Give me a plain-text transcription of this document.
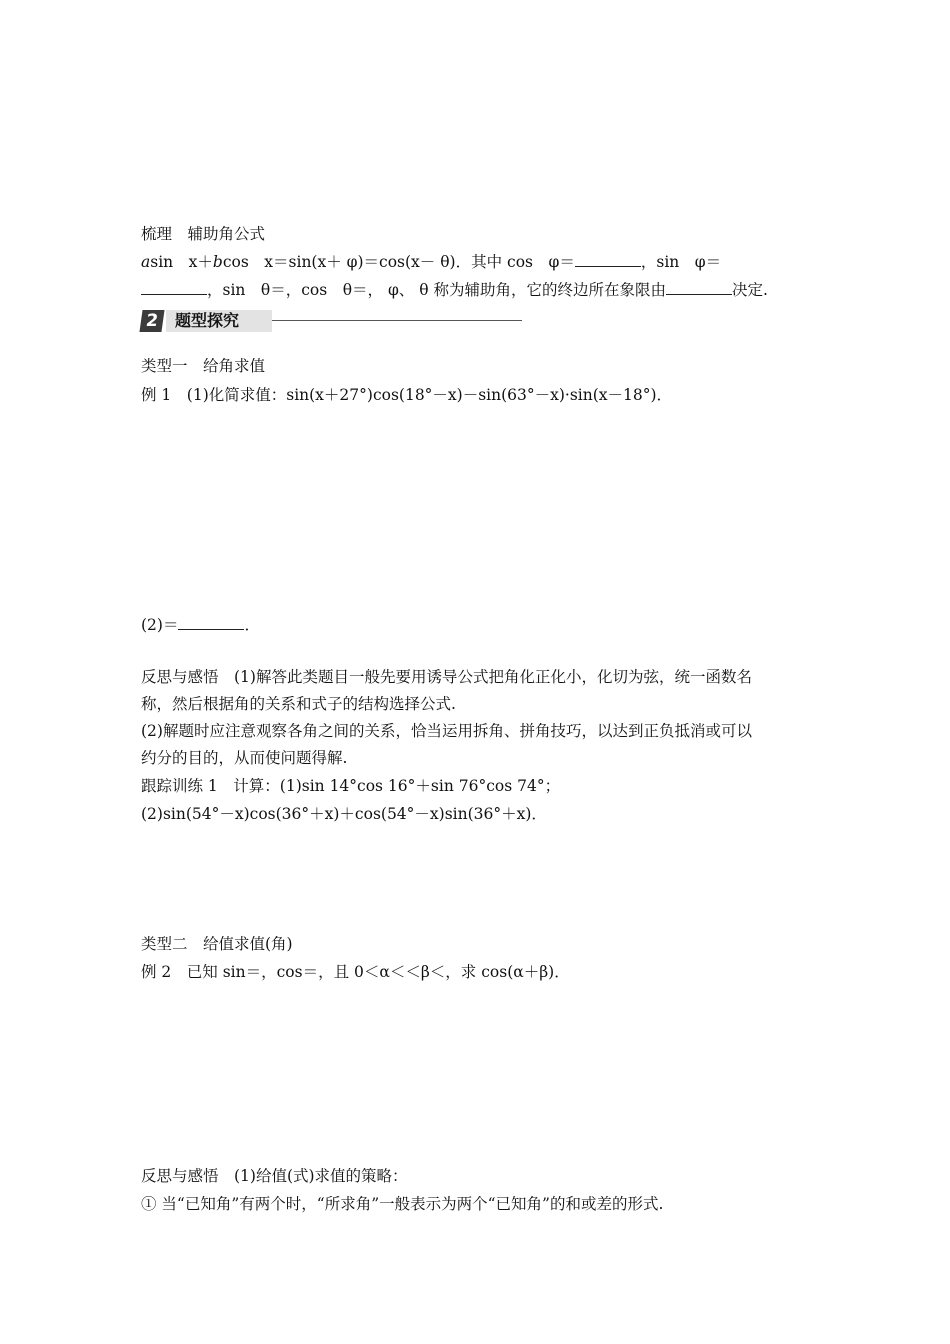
梳理　辅助角公式
asin　x＋bcos　x＝sin(x＋ φ)＝cos(x－ θ)．其中 cos　φ＝	，sin　φ＝
，sin　θ＝，cos　θ＝， φ、 θ 称为辅助角，它的终边所在象限由	决定.
2 题型探究
类型一　给角求值
例 1　(1)化简求值：sin(x＋27°)cos(18°－x)－sin(63°－x)·sin(x－18°)．
(2)＝	．
反思与感悟　(1)解答此类题目一般先要用诱导公式把角化正化小，化切为弦，统一函数名
称，然后根据角的关系和式子的结构选择公式.
(2)解题时应注意观察各角之间的关系，恰当运用拆角、拼角技巧，以达到正负抵消或可以
约分的目的，从而使问题得解.
跟踪训练 1　计算：(1)sin 14°cos 16°＋sin 76°cos 74°；
(2)sin(54°－x)cos(36°＋x)＋cos(54°－x)sin(36°＋x)．
类型二　给值求值(角)
例 2　已知 sin＝，cos＝，且 0＜α＜＜β＜，求 cos(α＋β)．
反思与感悟　(1)给值(式)求值的策略：
① 当“已知角”有两个时，“所求角”一般表示为两个“已知角”的和或差的形式.
